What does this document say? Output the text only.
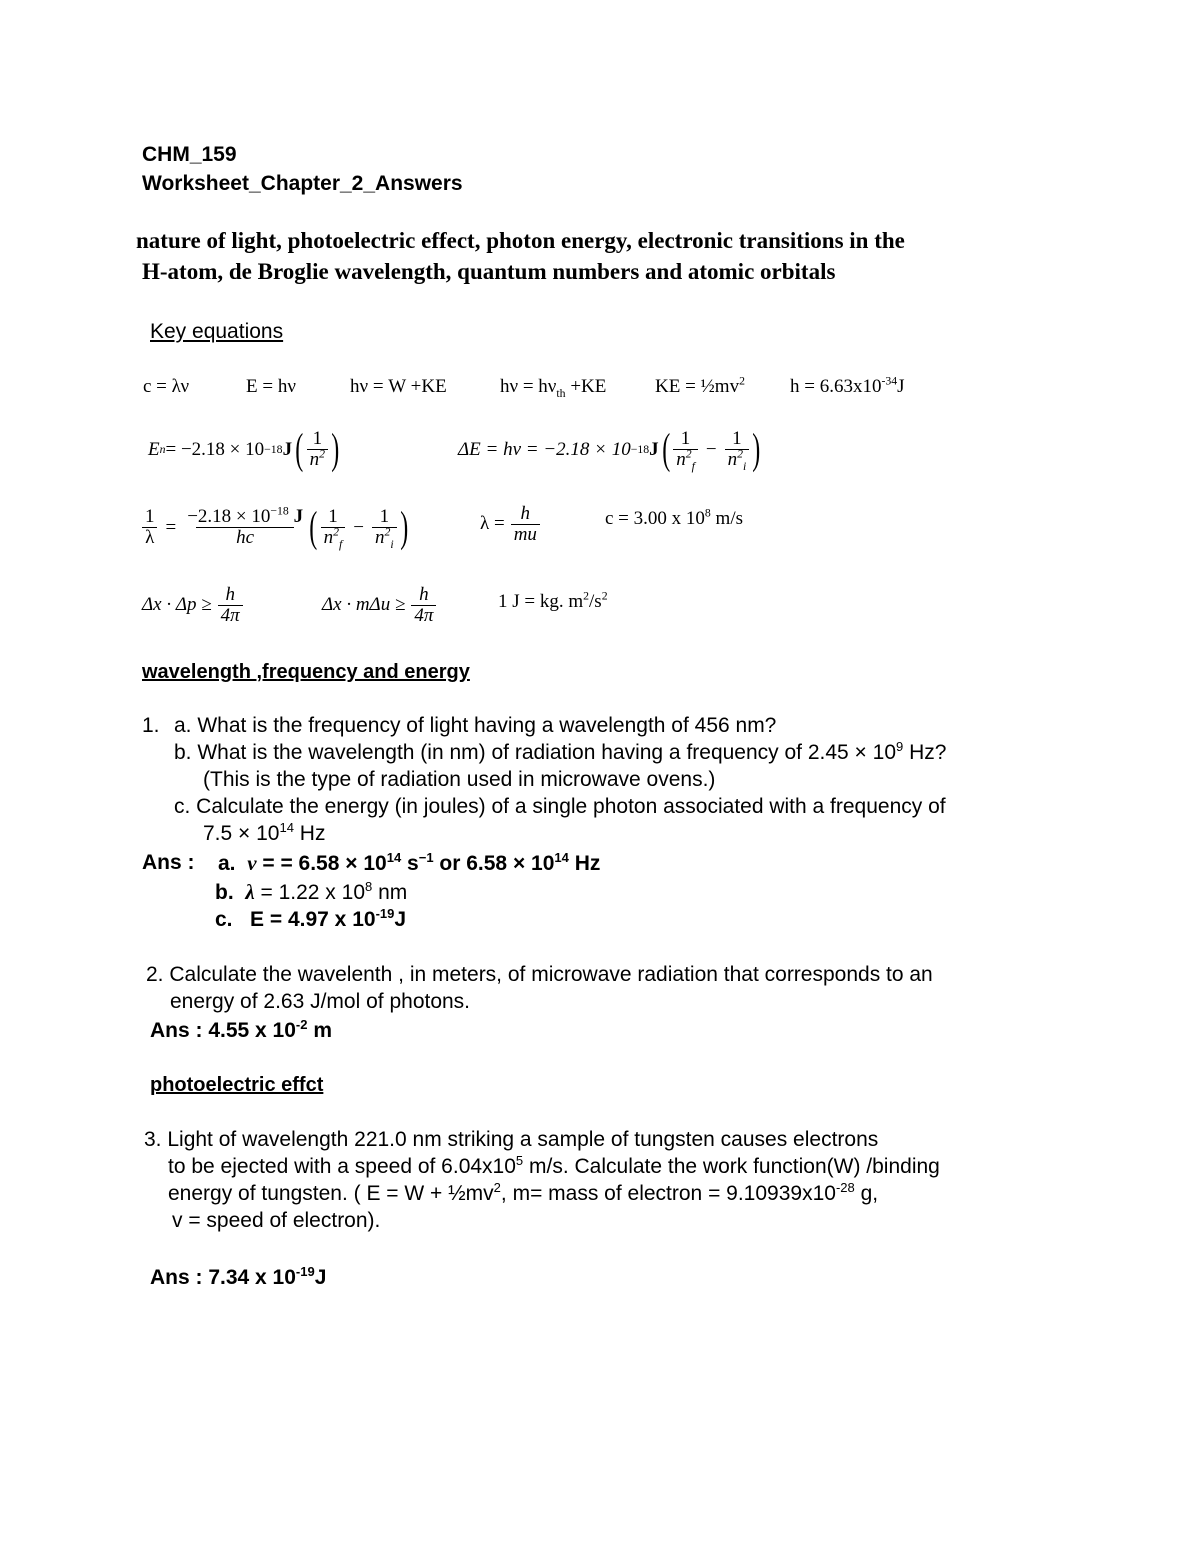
CHM_159
Worksheet_Chapter_2_Answers
nature of light, photoelectric effect, photon energy, electronic transitions in the
H-atom, de Broglie wavelength, quantum numbers and atomic orbitals
Key equations
c = λν	E = hν	hν = W +KE	$h\nu = h\nu_{th} +KE$	KE = $\frac{1}{2}mv^2$ $h = 6.63x10^{-34}J$
E n = −2.18 × 10 −18 J ( $\frac{1}{n^2}$ )	ΔE = hν = −2.18 × 10 −18 J ( $\frac{1}{n^2_f} - \frac{1}{n^2_i}$ )
$\frac{1}{\lambda} = \frac{-2.18 \times 10^{-18} J}{hc}$ ( $\frac{1}{n^2_f} - \frac{1}{n^2_i}$ )	$\lambda = \frac{h}{mu}$	c = 3.00 x $10^8$ m/s
$\Delta x \cdot \Delta p \ge \frac{h}{4\pi}$	$\Delta x \cdot m\Delta u \ge \frac{h}{4\pi}$	1 J = kg. $m^2/s^2$
wavelength ,frequency and energy
1. a. What is the frequency of light having a wavelength of 456 nm?
b. What is the wavelength (in nm) of radiation having a frequency of $2.45 \times 10^9$ Hz?
(This is the type of radiation used in microwave ovens.)
c. Calculate the energy (in joules) of a single photon associated with a frequency of
$7.5 \times 10^{14}$ Hz
Ans : a. ν = = $6.58 \times 10^{14}$ $s^{-1}$ or $6.58 \times 10^{14}$ Hz
b. λ = 1.22 x $10^8$ nm
c. E = 4.97 x $10^{-19}J$
2. Calculate the wavelenth , in meters, of microwave radiation that corresponds to an
energy of 2.63 J/mol of photons.
Ans : 4.55 x $10^{-2}$ m
photoelectric effct
3. Light of wavelength 221.0 nm striking a sample of tungsten causes electrons
to be ejected with a speed of $6.04x10^5$ m/s. Calculate the work function(W) /binding
energy of tungsten. ( $E = W + \frac{1}{2}mv^2$, m= mass of electron = $9.10939x10^{-28}$ g,
v = speed of electron).
Ans : 7.34 x $10^{-19}J$
